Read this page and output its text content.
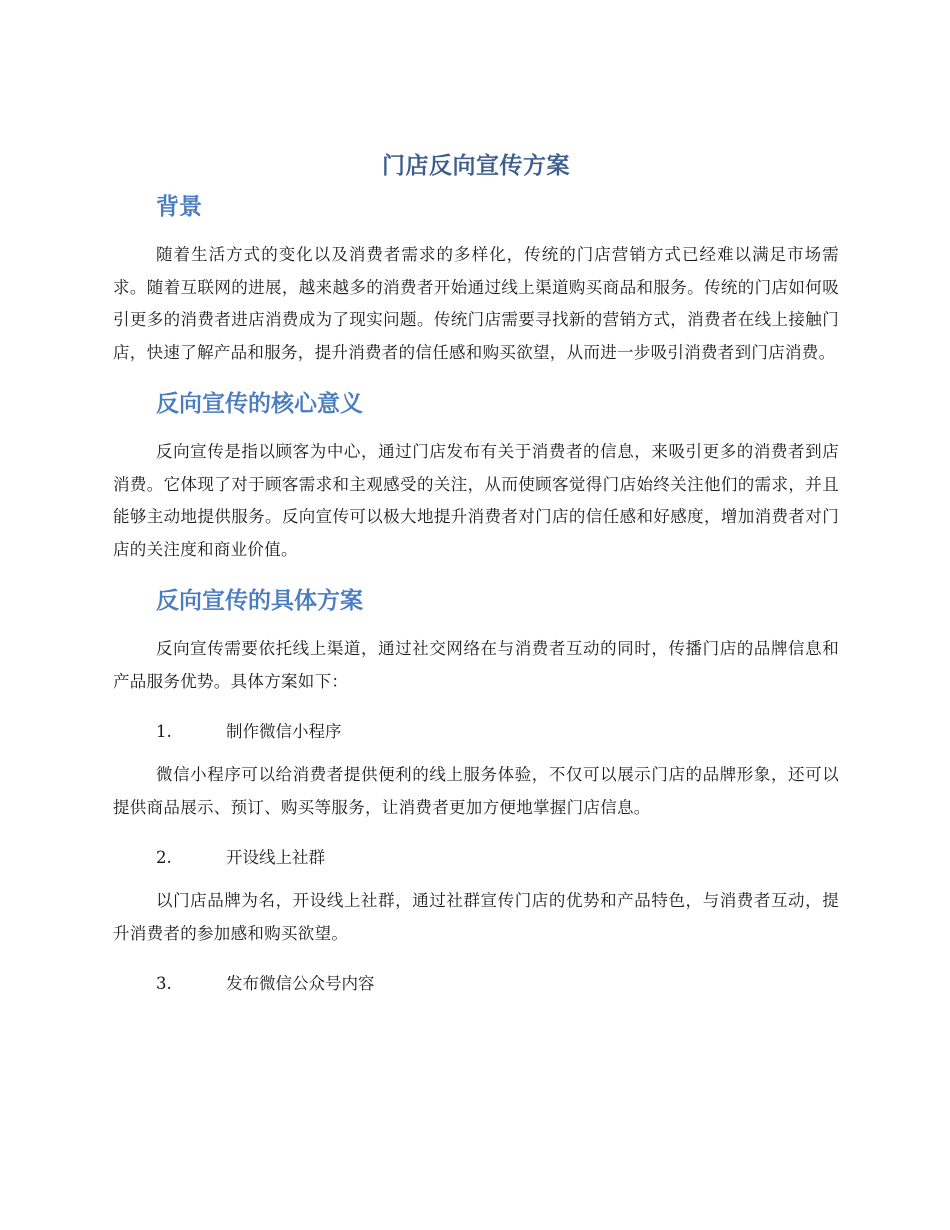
门店反向宣传方案
背景

随着生活方式的变化以及消费者需求的多样化，传统的门店营销方式已经难以满足市场需求。随着互联网的进展，越来越多的消费者开始通过线上渠道购买商品和服务。传统的门店如何吸引更多的消费者进店消费成为了现实问题。传统门店需要寻找新的营销方式，消费者在线上接触门店，快速了解产品和服务，提升消费者的信任感和购买欲望，从而进一步吸引消费者到门店消费。

反向宣传的核心意义

反向宣传是指以顾客为中心，通过门店发布有关于消费者的信息，来吸引更多的消费者到店消费。它体现了对于顾客需求和主观感受的关注，从而使顾客觉得门店始终关注他们的需求，并且能够主动地提供服务。反向宣传可以极大地提升消费者对门店的信任感和好感度，增加消费者对门店的关注度和商业价值。

反向宣传的具体方案

反向宣传需要依托线上渠道，通过社交网络在与消费者互动的同时，传播门店的品牌信息和产品服务优势。具体方案如下：

1.	制作微信小程序

微信小程序可以给消费者提供便利的线上服务体验，不仅可以展示门店的品牌形象，还可以提供商品展示、预订、购买等服务，让消费者更加方便地掌握门店信息。

2.	开设线上社群

以门店品牌为名，开设线上社群，通过社群宣传门店的优势和产品特色，与消费者互动，提升消费者的参加感和购买欲望。

3.	发布微信公众号内容
